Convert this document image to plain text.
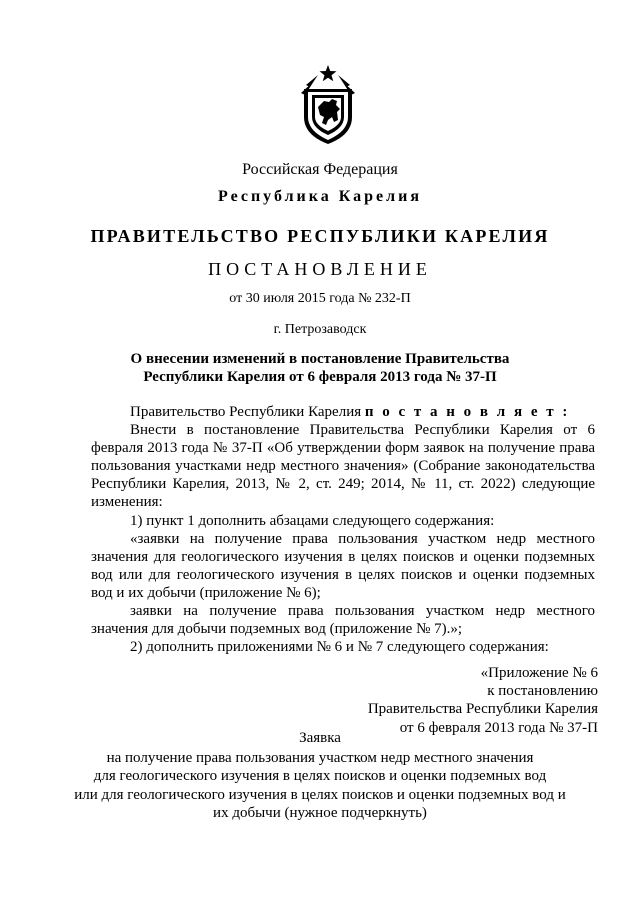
Российская Федерация
Республика Карелия
ПРАВИТЕЛЬСТВО РЕСПУБЛИКИ КАРЕЛИЯ
ПОСТАНОВЛЕНИЕ
от 30 июля 2015 года № 232-П
г. Петрозаводск
О внесении изменений в постановление Правительства
Республики Карелия от 6 февраля 2013 года № 37-П

Правительство Республики Карелия п о с т а н о в л я е т :

Внести в постановление Правительства Республики Карелия от 6 февраля 2013 года № 37-П «Об утверждении форм заявок на получение права пользования участками недр местного значения» (Собрание законодательства Республики Карелия, 2013, № 2, ст. 249; 2014, № 11, ст. 2022) следующие изменения:

1) пункт 1 дополнить абзацами следующего содержания:

«заявки на получение права пользования участком недр местного значения для геологического изучения в целях поисков и оценки подземных вод или для геологического изучения в целях поисков и оценки подземных вод и их добычи (приложение № 6);

заявки на получение права пользования участком недр местного значения для добычи подземных вод (приложение № 7).»;

2) дополнить приложениями № 6 и № 7 следующего содержания:

«Приложение № 6
к постановлению
Правительства Республики Карелия
от 6 февраля 2013 года № 37-П
Заявка
на получение права пользования участком недр местного значения
для геологического изучения в целях поисков и оценки подземных вод
или для геологического изучения в целях поисков и оценки подземных вод и
их добычи (нужное подчеркнуть)
